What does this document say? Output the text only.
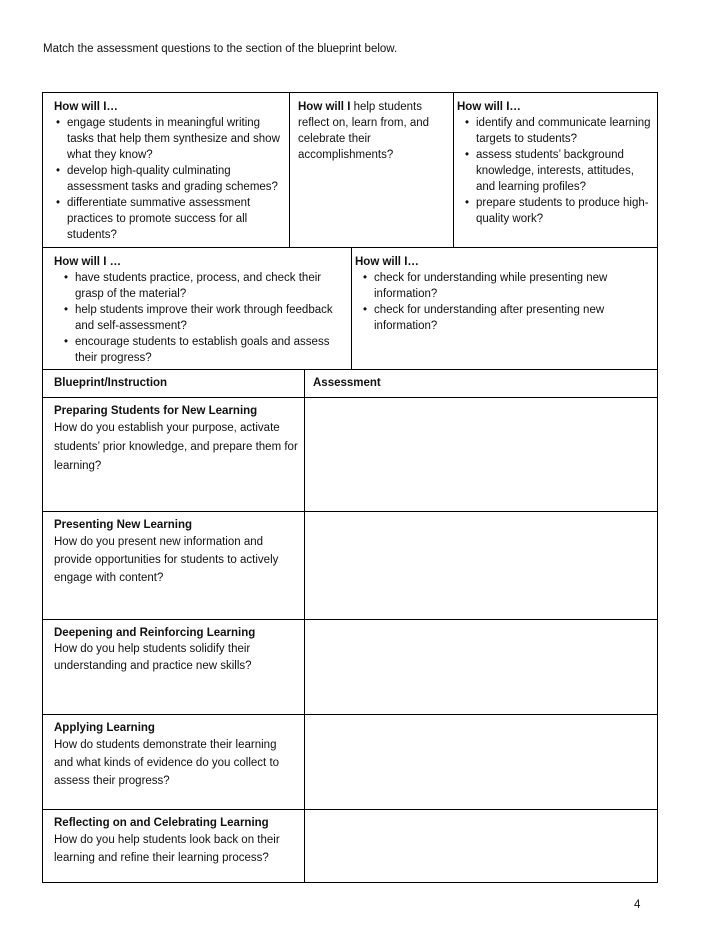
Match the assessment questions to the section of the blueprint below.
How will I…
• engage students in meaningful writing tasks that help them synthesize and show what they know?
• develop high-quality culminating assessment tasks and grading schemes?
• differentiate summative assessment practices to promote success for all students?
How will I help students reflect on, learn from, and celebrate their accomplishments?
How will I…
• identify and communicate learning targets to students?
• assess students’ background knowledge, interests, attitudes, and learning profiles?
• prepare students to produce high-quality work?
How will I …
• have students practice, process, and check their grasp of the material?
• help students improve their work through feedback and self-assessment?
• encourage students to establish goals and assess their progress?
How will I…
• check for understanding while presenting new information?
• check for understanding after presenting new information?
Blueprint/Instruction	Assessment
Preparing Students for New Learning
How do you establish your purpose, activate students’ prior knowledge, and prepare them for learning?
Presenting New Learning
How do you present new information and provide opportunities for students to actively engage with content?
Deepening and Reinforcing Learning
How do you help students solidify their understanding and practice new skills?
Applying Learning
How do students demonstrate their learning and what kinds of evidence do you collect to assess their progress?
Reflecting on and Celebrating Learning
How do you help students look back on their learning and refine their learning process?
4
